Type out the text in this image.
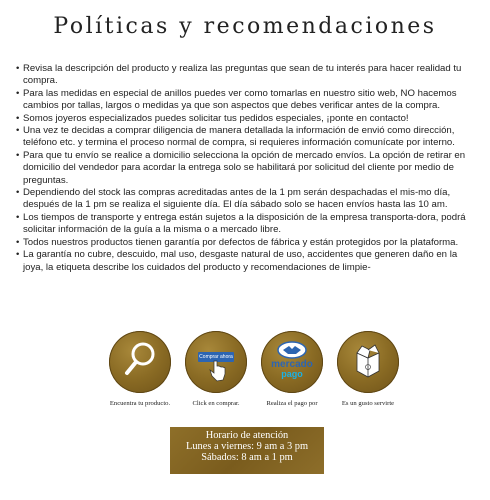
Políticas y recomendaciones
• Revisa la descripción del producto y realiza las preguntas que sean de tu interés para hacer realidad tu compra.
• Para las medidas en especial de anillos puedes ver como tomarlas en nuestro sitio web, NO hacemos cambios por tallas, largos o medidas ya que son aspectos que debes verificar antes de la compra.
• Somos joyeros especializados puedes solicitar tus pedidos especiales, ¡ponte en contacto!
• Una vez te decidas a comprar diligencia de manera detallada la información de envió como dirección, teléfono etc. y termina el proceso normal de compra, si requieres información comunícate por interno.
• Para que tu envío se realice a domicilio selecciona la opción de mercado envíos. La opción de retirar en domicilio del vendedor para acordar la entrega solo se habilitará por solicitud del cliente por medio de preguntas.
• Dependiendo del stock las compras acreditadas antes de la 1 pm serán despachadas el mis-mo día, después de la 1 pm se realiza el siguiente día. El día sábado solo se hacen envíos hasta las 10 am.
• Los tiempos de transporte y entrega están sujetos a la disposición de la empresa transporta-dora, podrá solicitar información de la guía a la misma o a mercado libre.
• Todos nuestros productos tienen garantía por defectos de fábrica y están protegidos por la plataforma.
• La garantía no cubre, descuido, mal uso, desgaste natural de uso, accidentes que generen daño en la joya, la etiqueta describe los cuidados del producto y recomendaciones de limpie-
Encuentra tu producto.
Comprar ahora
Click en comprar.
mercado
pago
Realiza el pago por	Es un gusto servirte
Horario de atención
Lunes a viernes: 9 am a 3 pm
Sábados: 8 am a 1 pm
